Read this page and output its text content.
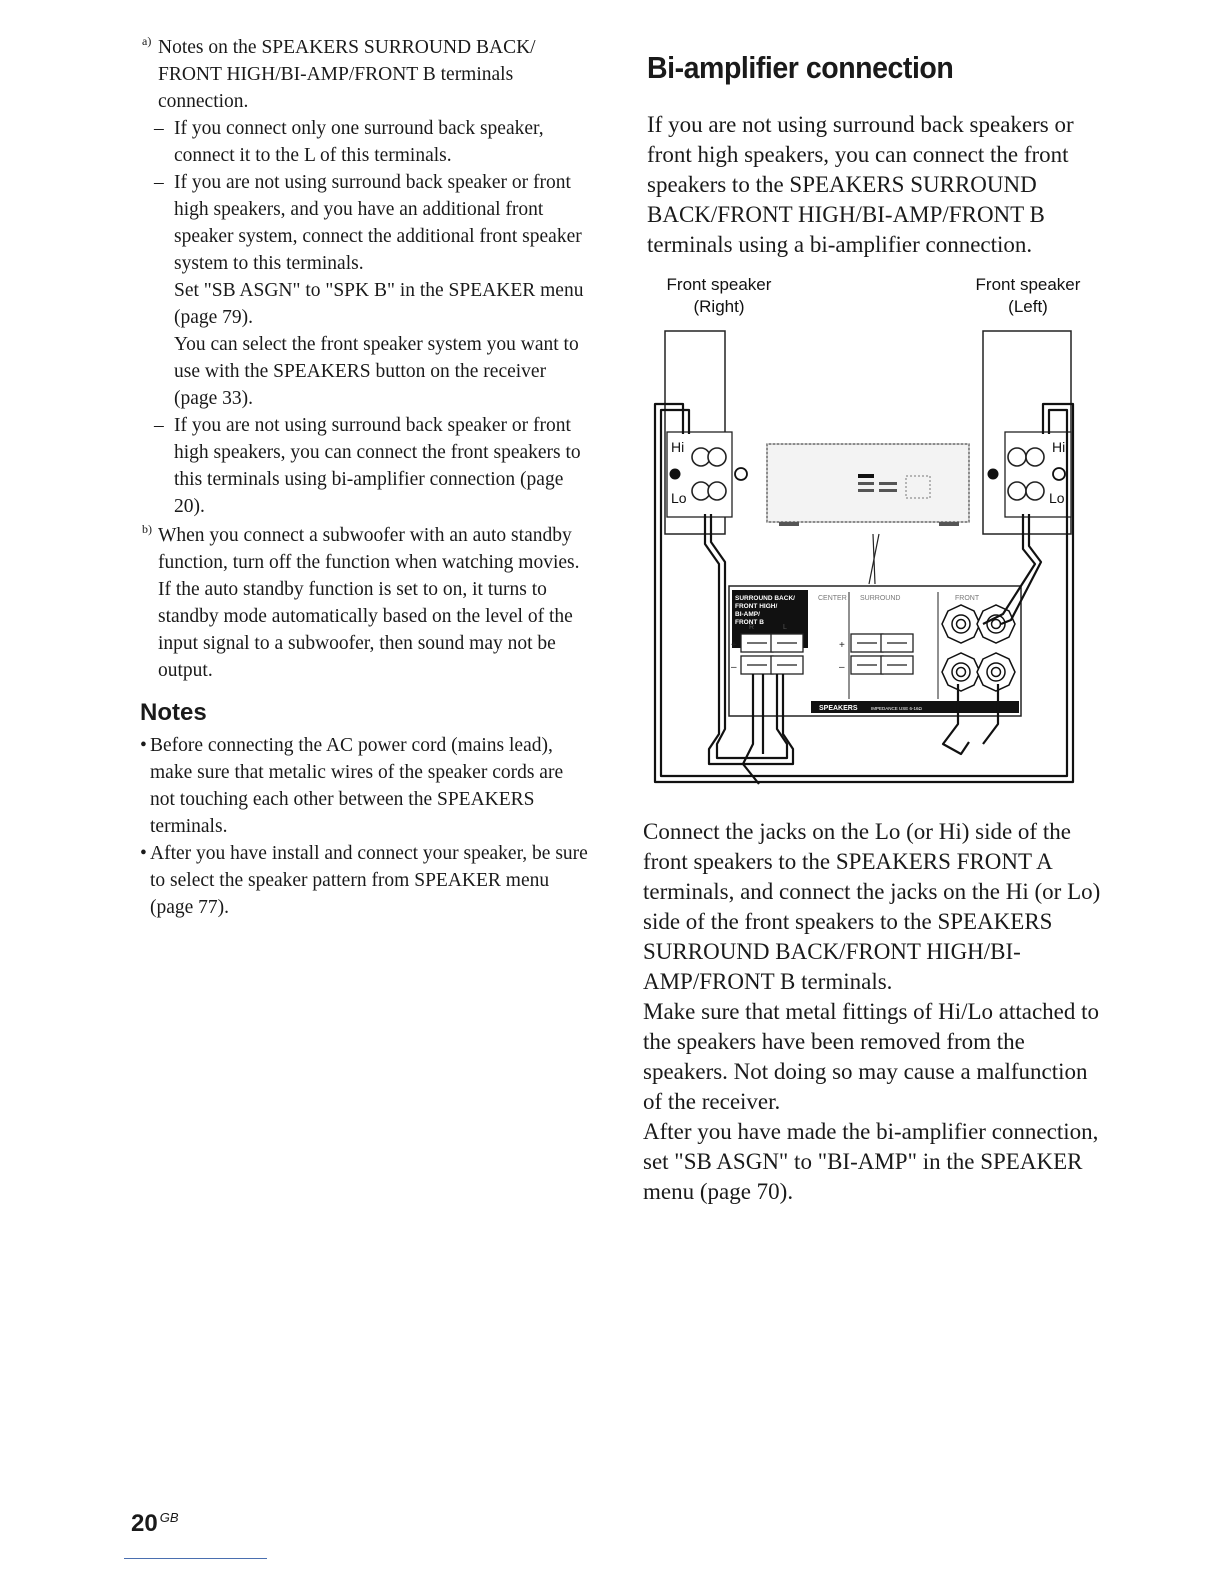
a) Notes on the SPEAKERS SURROUND BACK/ FRONT HIGH/BI-AMP/FRONT B terminals connection.

– If you connect only one surround back speaker, connect it to the L of this terminals.

– If you are not using surround back speaker or front high speakers, and you have an additional front speaker system, connect the additional front speaker system to this terminals.

Set "SB ASGN" to "SPK B" in the SPEAKER menu (page 79).

You can select the front speaker system you want to use with the SPEAKERS button on the receiver (page 33).

– If you are not using surround back speaker or front high speakers, you can connect the front speakers to this terminals using bi-amplifier connection (page 20).

b) When you connect a subwoofer with an auto standby function, turn off the function when watching movies. If the auto standby function is set to on, it turns to standby mode automatically based on the level of the input signal to a subwoofer, then sound may not be output.

Notes

• Before connecting the AC power cord (mains lead), make sure that metalic wires of the speaker cords are not touching each other between the SPEAKERS terminals.

• After you have install and connect your speaker, be sure to select the speaker pattern from SPEAKER menu (page 77).

Bi-amplifier connection

If you are not using surround back speakers or front high speakers, you can connect the front speakers to the SPEAKERS SURROUND BACK/FRONT HIGH/BI-AMP/FRONT B terminals using a bi-amplifier connection.

Front speaker
(Right)
Front speaker
(Left)
Hi
Lo
Hi
Lo
SURROUND BACK/
FRONT HIGH/
BI-AMP/
FRONT B
CENTER SURROUND	FRONT
+
–
+
–
R	L
SPEAKERS	IMPEDANCE USE 6-16Ω

Connect the jacks on the Lo (or Hi) side of the front speakers to the SPEAKERS FRONT A terminals, and connect the jacks on the Hi (or Lo) side of the front speakers to the SPEAKERS SURROUND BACK/FRONT HIGH/BI-AMP/FRONT B terminals.

Make sure that metal fittings of Hi/Lo attached to the speakers have been removed from the speakers. Not doing so may cause a malfunction of the receiver.

After you have made the bi-amplifier connection, set "SB ASGN" to "BI-AMP" in the SPEAKER menu (page 70).

20 $^{GB}$
